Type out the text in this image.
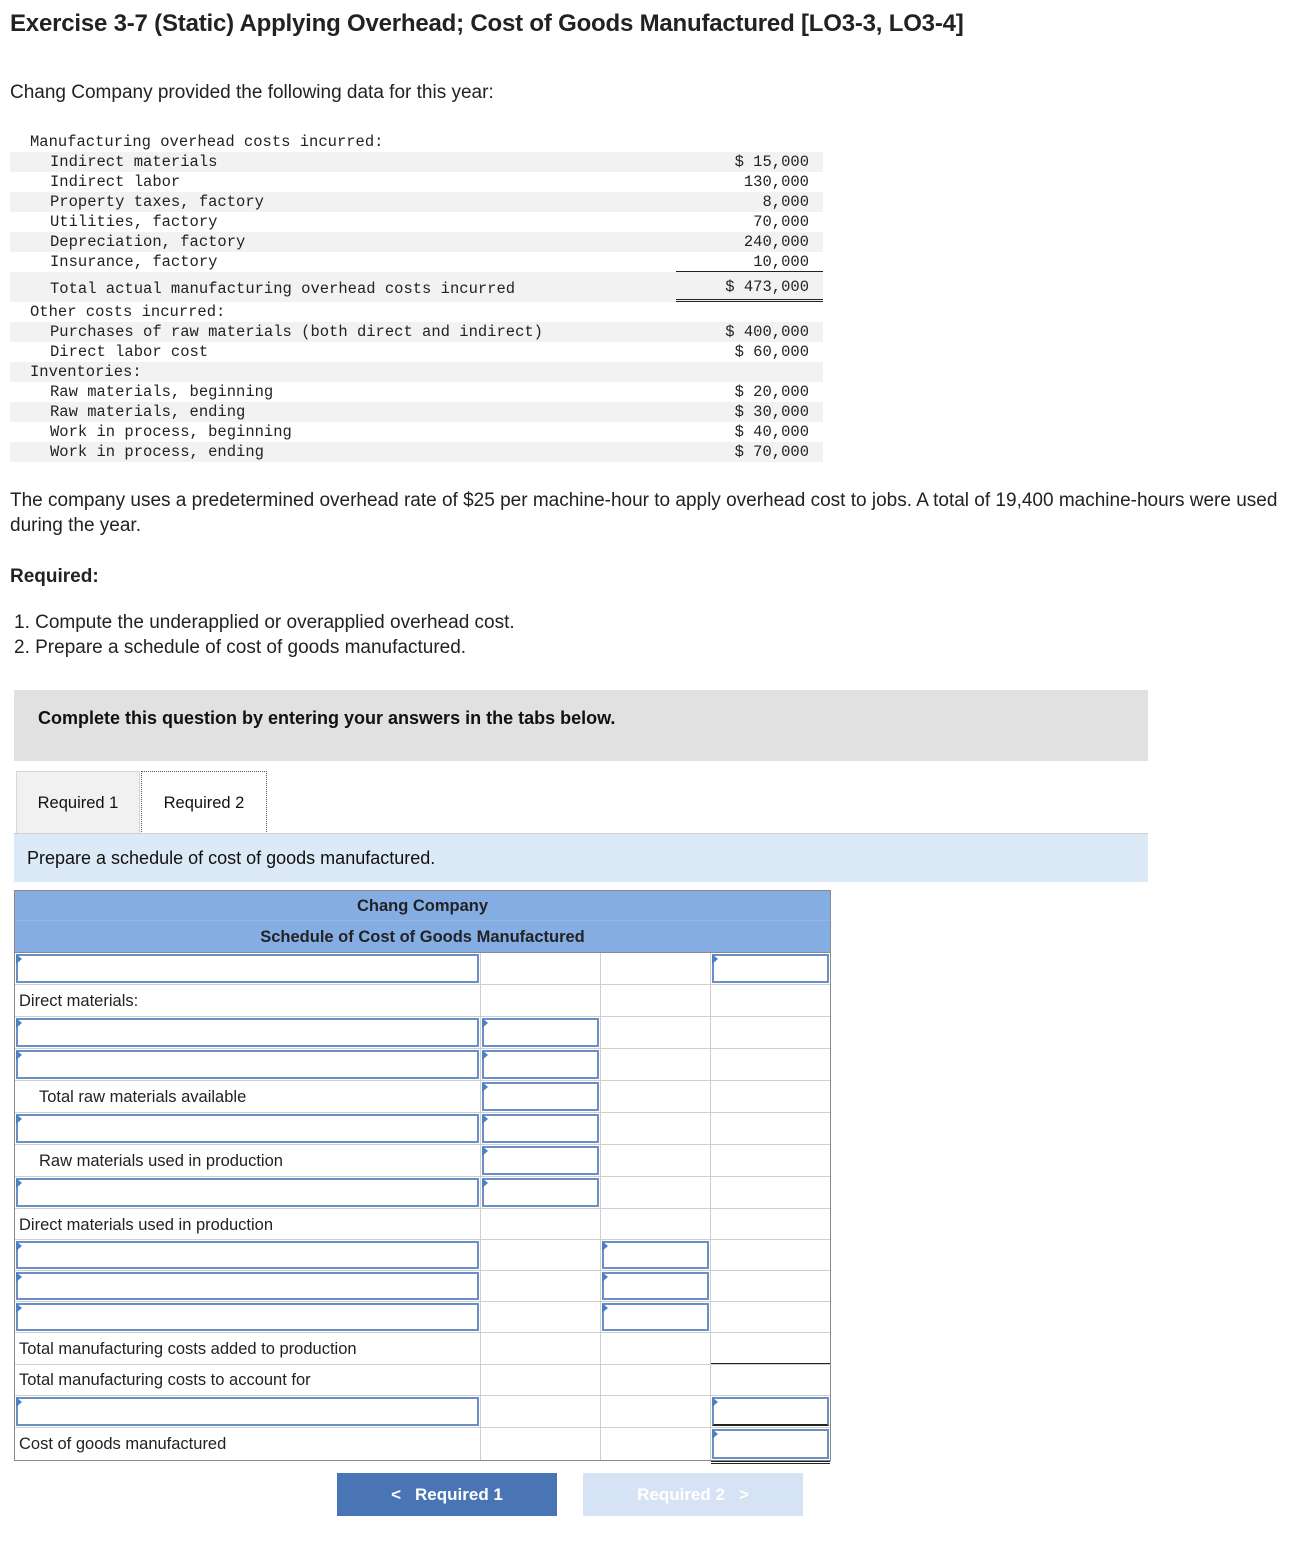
Exercise 3-7 (Static) Applying Overhead; Cost of Goods Manufactured [LO3-3, LO3-4]
Chang Company provided the following data for this year:
Manufacturing overhead costs incurred:
Indirect materials	$ 15,000
Indirect labor	130,000
Property taxes, factory	8,000
Utilities, factory	70,000
Depreciation, factory	240,000
Insurance, factory	10,000
Total actual manufacturing overhead costs incurred	$ 473,000
Other costs incurred:
Purchases of raw materials (both direct and indirect)	$ 400,000
Direct labor cost	$ 60,000
Inventories:
Raw materials, beginning	$ 20,000
Raw materials, ending	$ 30,000
Work in process, beginning	$ 40,000
Work in process, ending	$ 70,000
The company uses a predetermined overhead rate of $25 per machine-hour to apply overhead cost to jobs. A total of 19,400 machine-hours were used during the year.
Required:
1. Compute the underapplied or overapplied overhead cost.
2. Prepare a schedule of cost of goods manufactured.
Complete this question by entering your answers in the tabs below.
Required 1	Required 2
Prepare a schedule of cost of goods manufactured.
Chang Company
Schedule of Cost of Goods Manufactured
Direct materials:
Total raw materials available
Raw materials used in production
Direct materials used in production
Total manufacturing costs added to production
Total manufacturing costs to account for
Cost of goods manufactured
< Required 1	Required 2 >
